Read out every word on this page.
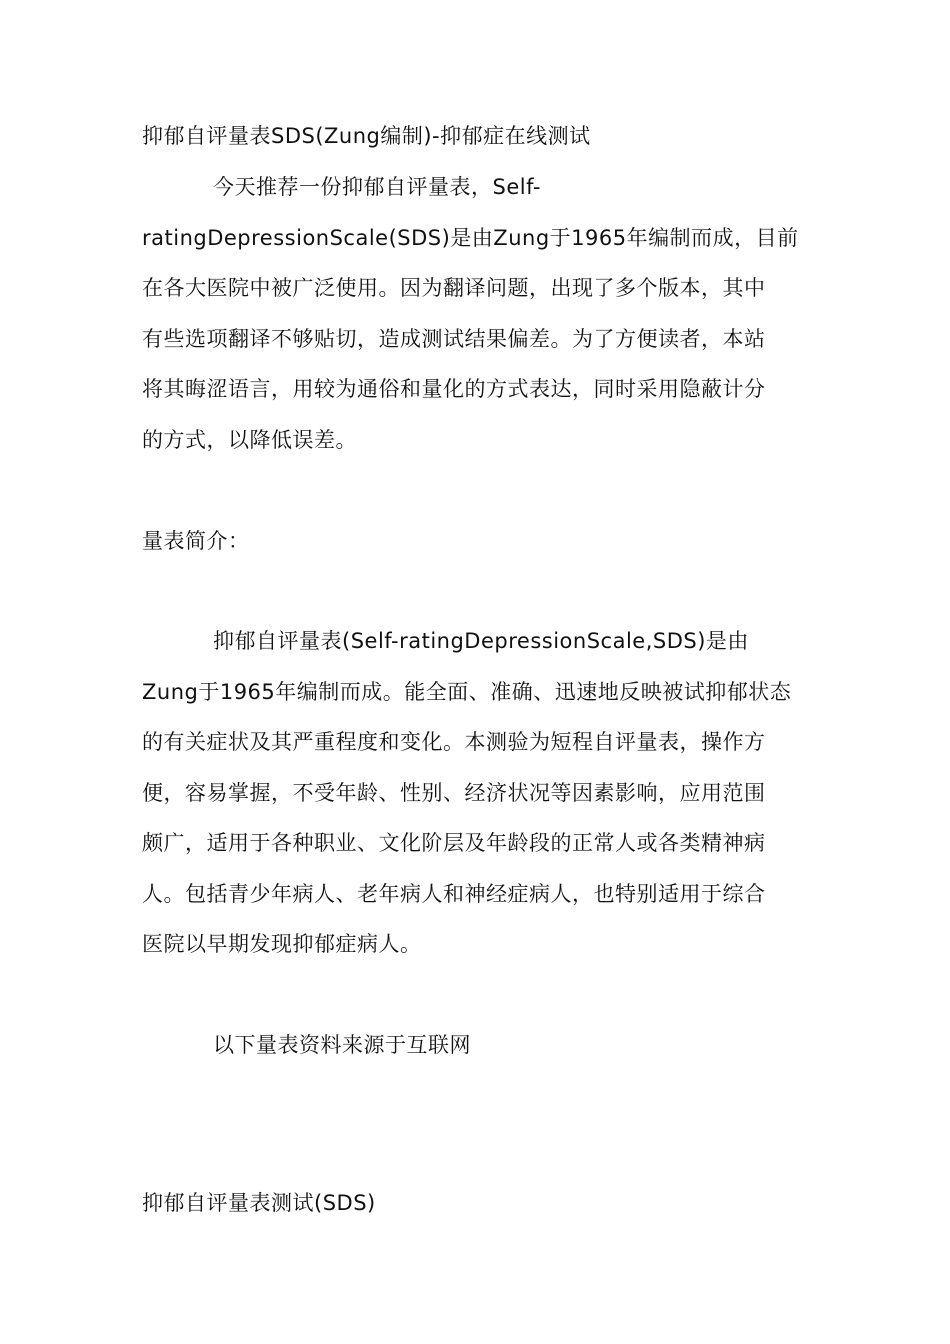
抑郁自评量表SDS(Zung编制)-抑郁症在线测试
今天推荐一份抑郁自评量表，Self-
ratingDepressionScale(SDS)是由Zung于1965年编制而成，目前
在各大医院中被广泛使用。因为翻译问题，出现了多个版本，其中
有些选项翻译不够贴切，造成测试结果偏差。为了方便读者，本站
将其晦涩语言，用较为通俗和量化的方式表达，同时采用隐蔽计分
的方式，以降低误差。
量表简介：
抑郁自评量表(Self-ratingDepressionScale,SDS)是由
Zung于1965年编制而成。能全面、准确、迅速地反映被试抑郁状态
的有关症状及其严重程度和变化。本测验为短程自评量表，操作方
便，容易掌握，不受年龄、性别、经济状况等因素影响，应用范围
颇广，适用于各种职业、文化阶层及年龄段的正常人或各类精神病
人。包括青少年病人、老年病人和神经症病人，也特别适用于综合
医院以早期发现抑郁症病人。
以下量表资料来源于互联网
抑郁自评量表测试(SDS)
